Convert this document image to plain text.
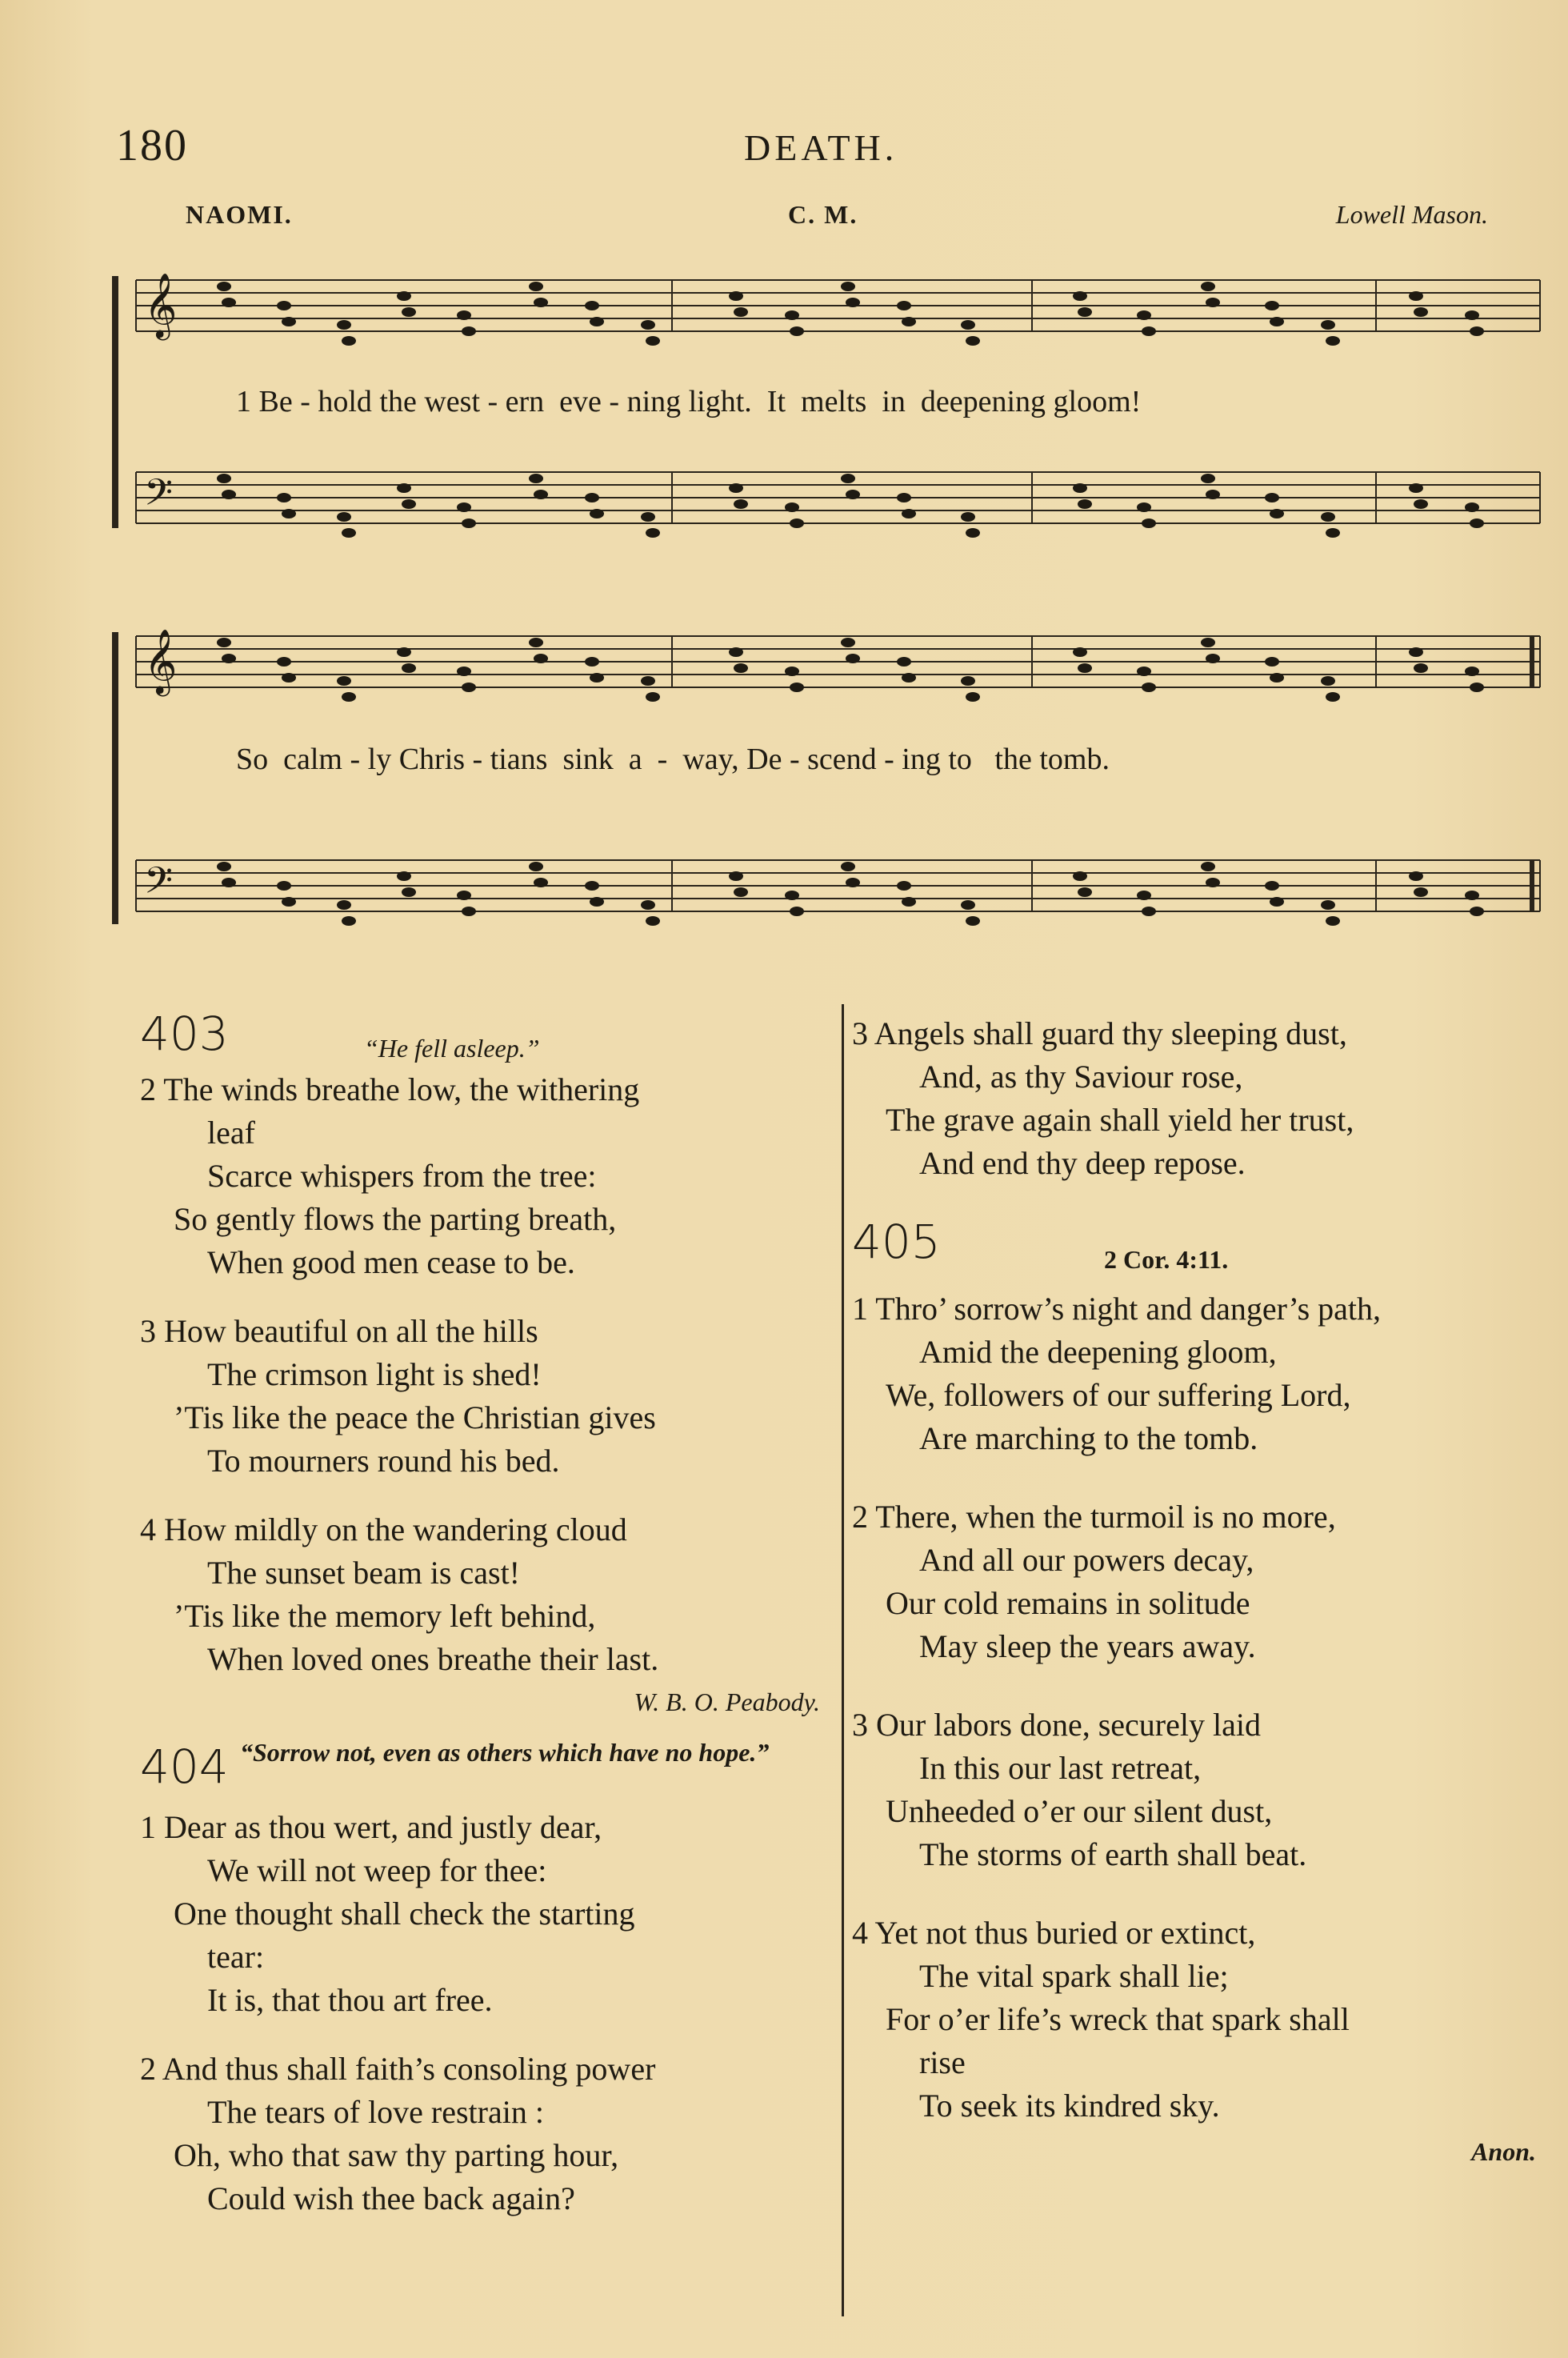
180	DEATH.
NAOMI.	C. M.	Lowell Mason.
𝄞
𝄢
1 Be - hold the west - ern  eve - ning light.  It  melts  in  deepening gloom!
𝄞
𝄢
So  calm - ly Chris - tians  sink  a  -  way, De - scend - ing to   the tomb.
403	“He fell asleep.”
2 The winds breathe low, the withering
leaf
Scarce whispers from the tree:
So gently flows the parting breath,
When good men cease to be.
3 How beautiful on all the hills
The crimson light is shed!
’Tis like the peace the Christian gives
To mourners round his bed.
4 How mildly on the wandering cloud
The sunset beam is cast!
’Tis like the memory left behind,
When loved ones breathe their last.
W. B. O. Peabody.
404 “Sorrow not, even as others which have no hope.”
1 Dear as thou wert, and justly dear,
We will not weep for thee:
One thought shall check the starting
tear:
It is, that thou art free.
2 And thus shall faith’s consoling power
The tears of love restrain :
Oh, who that saw thy parting hour,
Could wish thee back again?
3 Angels shall guard thy sleeping dust,
And, as thy Saviour rose,
The grave again shall yield her trust,
And end thy deep repose.
405	2 Cor. 4:11.
1 Thro’ sorrow’s night and danger’s path,
Amid the deepening gloom,
We, followers of our suffering Lord,
Are marching to the tomb.
2 There, when the turmoil is no more,
And all our powers decay,
Our cold remains in solitude
May sleep the years away.
3 Our labors done, securely laid
In this our last retreat,
Unheeded o’er our silent dust,
The storms of earth shall beat.
4 Yet not thus buried or extinct,
The vital spark shall lie;
For o’er life’s wreck that spark shall
rise
To seek its kindred sky.
Anon.
